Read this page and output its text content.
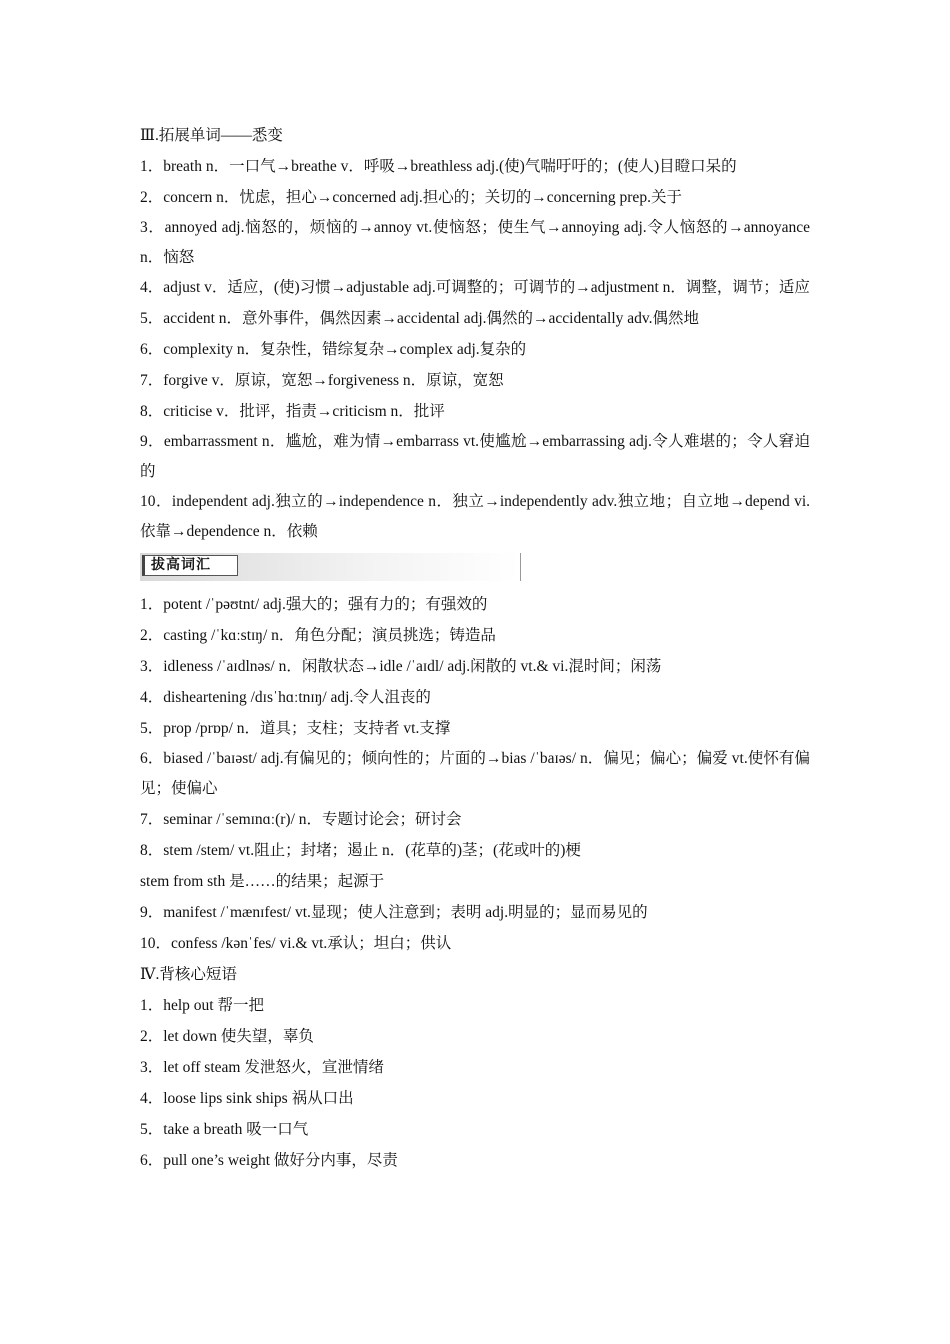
Ⅲ.拓展单词——悉变
1．breath n．一口气→breathe v．呼吸→breathless adj.(使)气喘吁吁的；(使人)目瞪口呆的
2．concern n．忧虑，担心→concerned adj.担心的；关切的→concerning prep.关于
3．annoyed adj.恼怒的，烦恼的→annoy vt.使恼怒；使生气→annoying adj.令人恼怒的→annoyance n．恼怒
4．adjust v．适应，(使)习惯→adjustable adj.可调整的；可调节的→adjustment n．调整，调节；适应
5．accident n．意外事件，偶然因素→accidental adj.偶然的→accidentally adv.偶然地
6．complexity n．复杂性，错综复杂→complex adj.复杂的
7．forgive v．原谅，宽恕→forgiveness n．原谅，宽恕
8．criticise v．批评，指责→criticism n．批评
9．embarrassment n．尴尬，难为情→embarrass vt.使尴尬→embarrassing adj.令人难堪的；令人窘迫的
10．independent adj.独立的→independence n．独立→independently adv.独立地；自立地→depend vi.依靠→dependence n．依赖
拔高词汇
1．potent /ˈpəʊtnt/ adj.强大的；强有力的；有强效的
2．casting /ˈkɑːstɪŋ/ n．角色分配；演员挑选；铸造品
3．idleness /ˈaɪdlnəs/ n．闲散状态→idle /ˈaɪdl/ adj.闲散的 vt.& vi.混时间；闲荡
4．disheartening /dɪsˈhɑːtnɪŋ/ adj.令人沮丧的
5．prop /prɒp/ n．道具；支柱；支持者 vt.支撑
6．biased /ˈbaɪəst/ adj.有偏见的；倾向性的；片面的→bias /ˈbaɪəs/ n．偏见；偏心；偏爱 vt.使怀有偏见；使偏心
7．seminar /ˈsemɪnɑː(r)/ n．专题讨论会；研讨会
8．stem /stem/ vt.阻止；封堵；遏止 n．(花草的)茎；(花或叶的)梗
stem from sth 是……的结果；起源于
9．manifest /ˈmænɪfest/ vt.显现；使人注意到；表明 adj.明显的；显而易见的
10．confess /kənˈfes/ vi.& vt.承认；坦白；供认
Ⅳ.背核心短语
1．help out 帮一把
2．let down 使失望，辜负
3．let off steam 发泄怒火，宣泄情绪
4．loose lips sink ships 祸从口出
5．take a breath 吸一口气
6．pull one’s weight 做好分内事，尽责
